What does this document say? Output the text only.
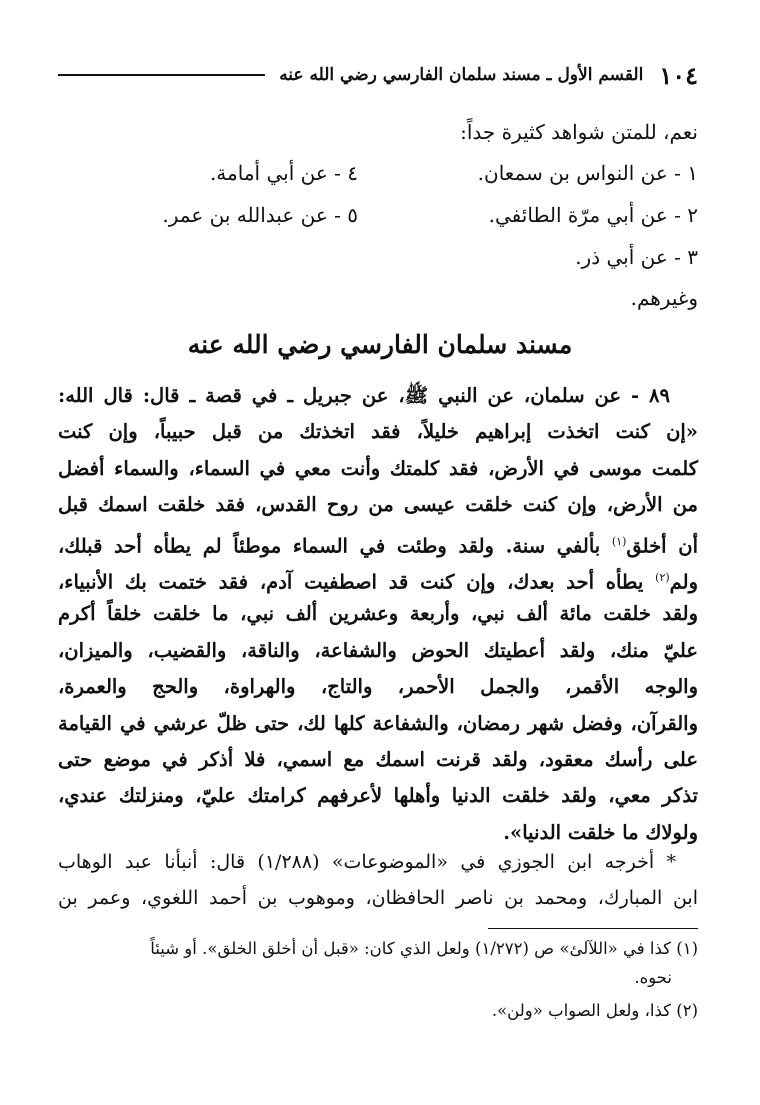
١٠٤
القسم الأول ـ مسند سلمان الفارسي رضي الله عنه
نعم، للمتن شواهد كثيرة جداً:
١ - عن النواس بن سمعان.
٢ - عن أبي مرّة الطائفي.
٣ - عن أبي ذر.
٤ - عن أبي أمامة.
٥ - عن عبدالله بن عمر.
وغيرهم.
مسند سلمان الفارسي رضي الله عنه
٨٩ - عن سلمان، عن النبي ﷺ، عن جبريل ـ في قصة ـ قال: قال الله:
«إن كنت اتخذت إبراهيم خليلاً، فقد اتخذتك من قبل حبيباً، وإن كنت
كلمت موسى في الأرض، فقد كلمتك وأنت معي في السماء، والسماء أفضل
من الأرض، وإن كنت خلقت عيسى من روح القدس، فقد خلقت اسمك قبل
أن أخلق$^{(١)}$ بألفي سنة. ولقد وطئت في السماء موطئاً لم يطأه أحد قبلك،
ولم$^{(٢)}$ يطأه أحد بعدك، وإن كنت قد اصطفيت آدم، فقد ختمت بك الأنبياء،
ولقد خلقت مائة ألف نبي، وأربعة وعشرين ألف نبي، ما خلقت خلقاً أكرم
عليّ منك، ولقد أعطيتك الحوض والشفاعة، والناقة، والقضيب، والميزان،
والوجه الأقمر، والجمل الأحمر، والتاج، والهراوة، والحج والعمرة،
والقرآن، وفضل شهر رمضان، والشفاعة كلها لك، حتى ظلّ عرشي في القيامة
على رأسك معقود، ولقد قرنت اسمك مع اسمي، فلا أذكر في موضع حتى
تذكر معي، ولقد خلقت الدنيا وأهلها لأعرفهم كرامتك عليّ، ومنزلتك عندي،
ولولاك ما خلقت الدنيا».
* أخرجه ابن الجوزي في «الموضوعات» (١/٢٨٨) قال: أنبأنا عبد الوهاب
ابن المبارك، ومحمد بن ناصر الحافظان، وموهوب بن أحمد اللغوي، وعمر بن
(١) كذا في «اللآلئ» ص (١/٢٧٢) ولعل الذي كان: «قبل أن أخلق الخلق». أو شيئاً
نحوه.
(٢) كذا، ولعل الصواب «ولن».
